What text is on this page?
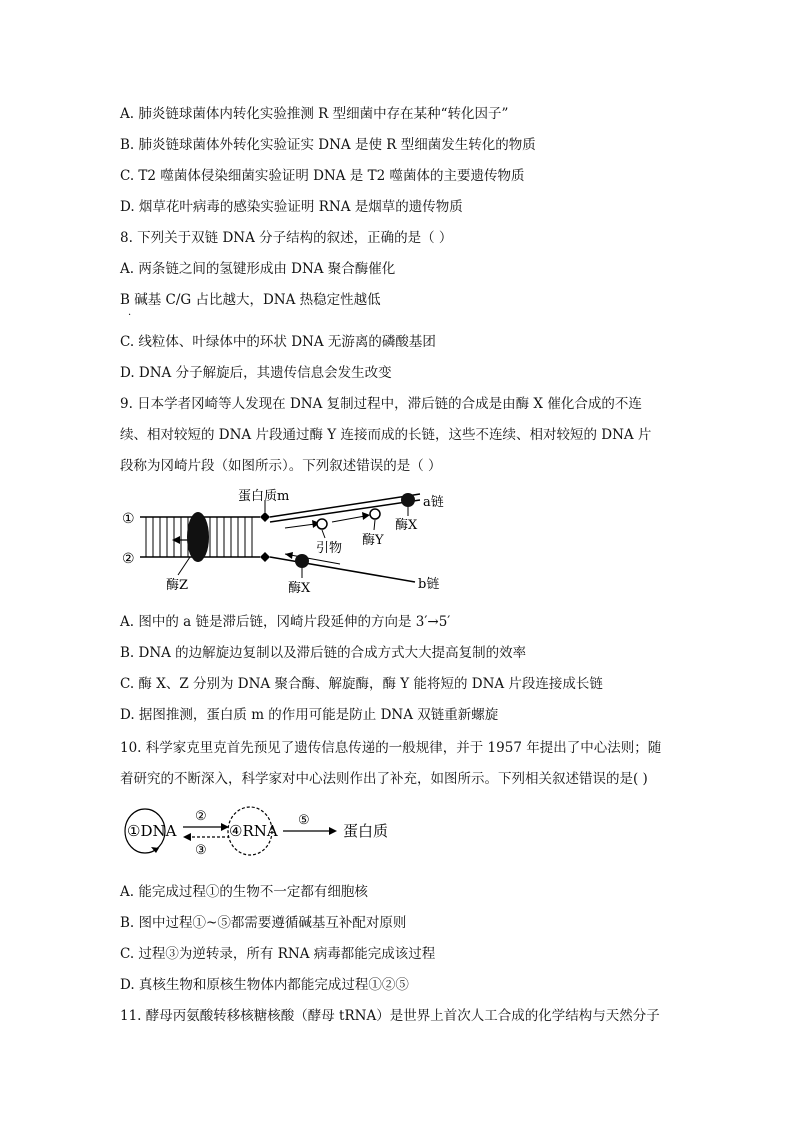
A. 肺炎链球菌体内转化实验推测 R 型细菌中存在某种“转化因子”
B. 肺炎链球菌体外转化实验证实 DNA 是使 R 型细菌发生转化的物质
C. T2 噬菌体侵染细菌实验证明 DNA 是 T2 噬菌体的主要遗传物质
D. 烟草花叶病毒的感染实验证明 RNA 是烟草的遗传物质
8. 下列关于双链 DNA 分子结构的叙述，正确的是（ ）
A. 两条链之间的氢键形成由 DNA 聚合酶催化
B 碱基 C/G 占比越大，DNA 热稳定性越低
·
C. 线粒体、叶绿体中的环状 DNA 无游离的磷酸基团
D. DNA 分子解旋后，其遗传信息会发生改变
9. 日本学者冈崎等人发现在 DNA 复制过程中，滞后链的合成是由酶 X 催化合成的不连
续、相对较短的 DNA 片段通过酶 Y 连接而成的长链，这些不连续、相对较短的 DNA 片
段称为冈崎片段（如图所示）。下列叙述错误的是（ ）
酶Z
①
②
蛋白质m	a链
酶X
引物
酶Y
酶X	b链
A. 图中的 a 链是滞后链，冈崎片段延伸的方向是 3′→5′
B. DNA 的边解旋边复制以及滞后链的合成方式大大提高复制的效率
C. 酶 X、Z 分别为 DNA 聚合酶、解旋酶，酶 Y 能将短的 DNA 片段连接成长链
D. 据图推测，蛋白质 m 的作用可能是防止 DNA 双链重新螺旋
10. 科学家克里克首先预见了遗传信息传递的一般规律，并于 1957 年提出了中心法则；随
着研究的不断深入，科学家对中心法则作出了补充，如图所示。下列相关叙述错误的是( )
①DNA
②
③
④RNA
⑤
蛋白质
A. 能完成过程①的生物不一定都有细胞核
B. 图中过程①~⑤都需要遵循碱基互补配对原则
C. 过程③为逆转录，所有 RNA 病毒都能完成该过程
D. 真核生物和原核生物体内都能完成过程①②⑤
11. 酵母丙氨酸转移核糖核酸（酵母 tRNA）是世界上首次人工合成的化学结构与天然分子
